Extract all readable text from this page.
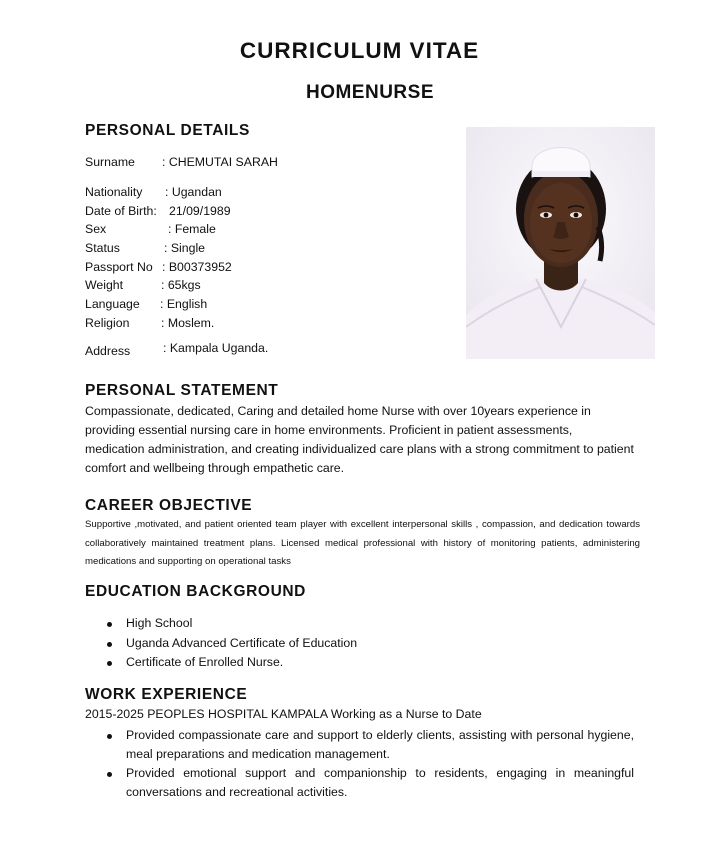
CURRICULUM VITAE
HOMENURSE
PERSONAL DETAILS
Surname : CHEMUTAI SARAH
Nationality : Ugandan
Date of Birth: 21/09/1989
Sex	: Female
Status	: Single
Passport No : B00373952
Weight	: 65kgs
Language : English
Religion	: Moslem.
Address	: Kampala Uganda.
PERSONAL STATEMENT

Compassionate, dedicated, Caring and detailed home Nurse with over 10years experience in providing essential nursing care in home environments. Proficient in patient assessments, medication administration, and creating individualized care plans with a strong commitment to patient comfort and wellbeing through empathetic care.

CAREER OBJECTIVE

Supportive ,motivated, and patient oriented team player with excellent interpersonal skills , compassion, and dedication towards collaboratively maintained treatment plans. Licensed medical professional with history of monitoring patients, administering medications and supporting on operational tasks

EDUCATION BACKGROUND
High School
Uganda Advanced Certificate of Education
Certificate of Enrolled Nurse.
WORK EXPERIENCE

2015-2025 PEOPLES HOSPITAL KAMPALA Working as a Nurse to Date

Provided compassionate care and support to elderly clients, assisting with personal hygiene, meal preparations and medication management.
Provided emotional support and companionship to residents, engaging in meaningful conversations and recreational activities.
